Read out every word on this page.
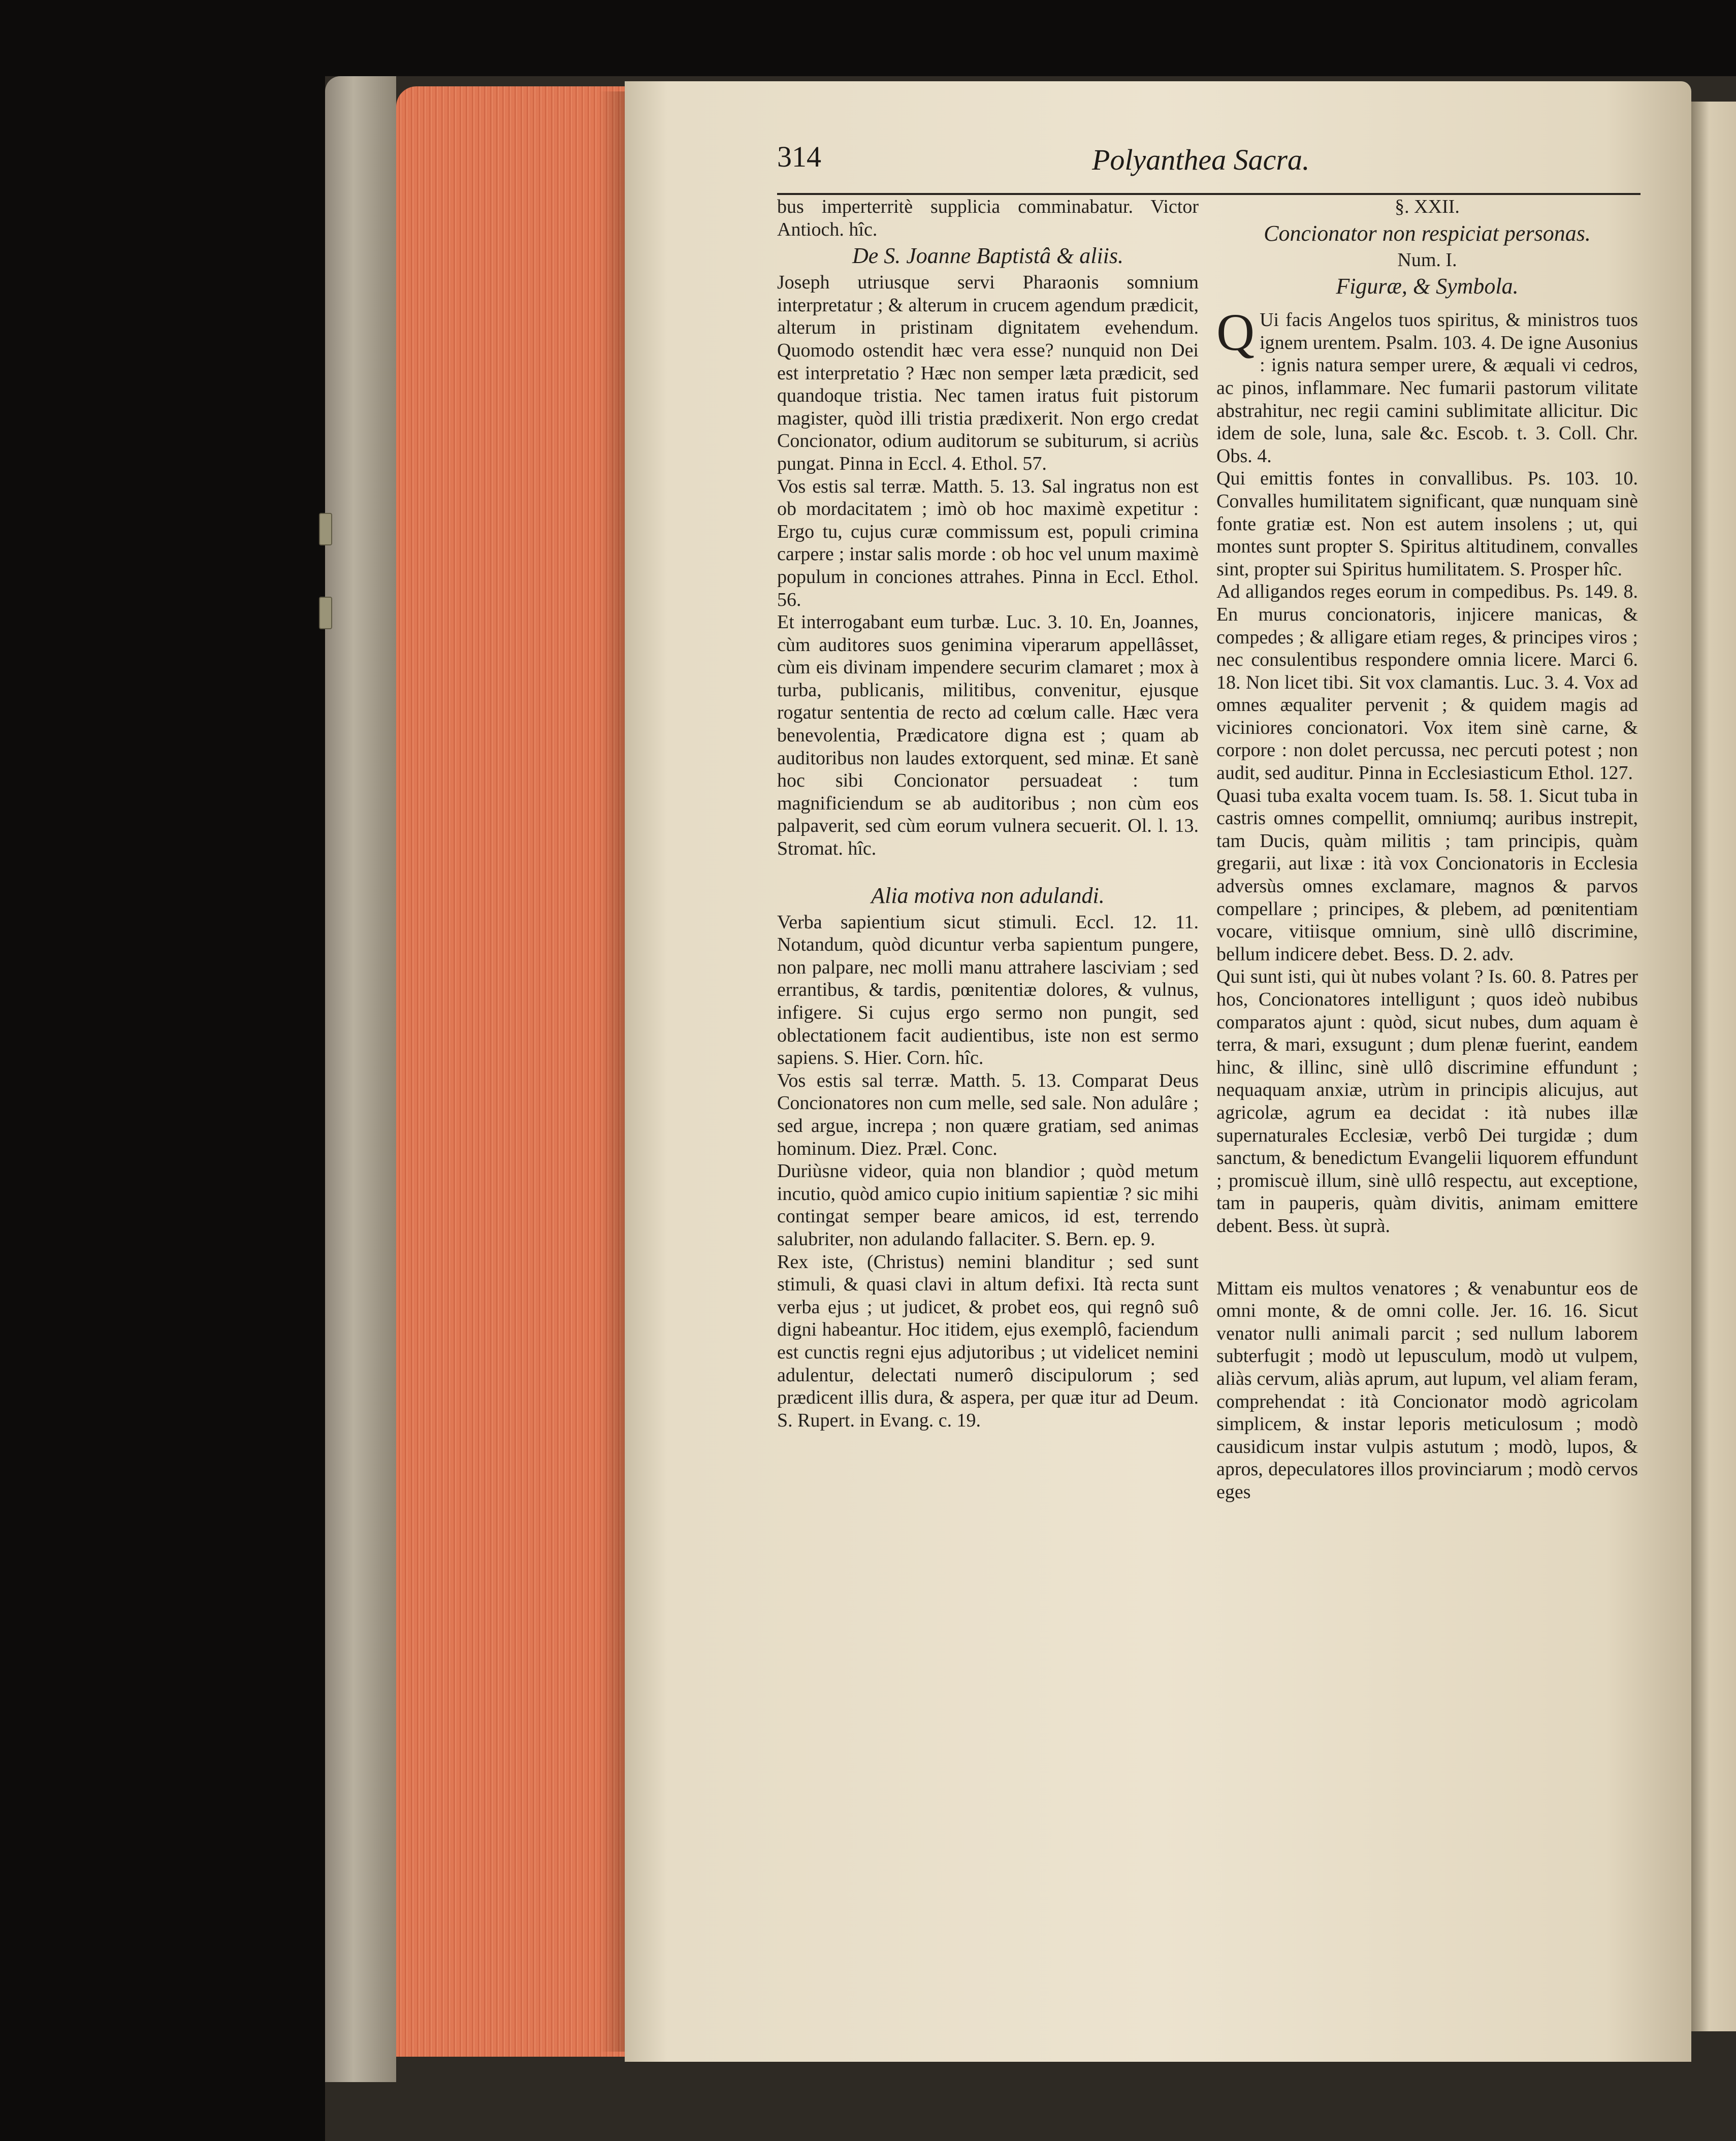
314	Polyanthea Sacra.

bus imperterritè supplicia comminabatur. Victor Antioch. hîc.

De S. Joanne Baptistâ & aliis.

Joseph utriusque servi Pharaonis somnium interpretatur ; & alterum in crucem agendum prædicit, alterum in pristinam dignitatem evehendum. Quomodo ostendit hæc vera esse? nunquid non Dei est interpretatio ? Hæc non semper læta prædicit, sed quandoque tristia. Nec tamen iratus fuit pistorum magister, quòd illi tristia prædixerit. Non ergo credat Concionator, odium auditorum se subiturum, si acriùs pungat. Pinna in Eccl. 4. Ethol. 57.

Vos estis sal terræ. Matth. 5. 13. Sal ingratus non est ob mordacitatem ; imò ob hoc maximè expetitur : Ergo tu, cujus curæ commissum est, populi crimina carpere ; instar salis morde : ob hoc vel unum maximè populum in conciones attrahes. Pinna in Eccl. Ethol. 56.

Et interrogabant eum turbæ. Luc. 3. 10. En, Joannes, cùm auditores suos genimina viperarum appellâsset, cùm eis divinam impendere securim clamaret ; mox à turba, publicanis, militibus, convenitur, ejusque rogatur sententia de recto ad cœlum calle. Hæc vera benevolentia, Prædicatore digna est ; quam ab auditoribus non laudes extorquent, sed minæ. Et sanè hoc sibi Concionator persuadeat : tum magnificiendum se ab auditoribus ; non cùm eos palpaverit, sed cùm eorum vulnera secuerit. Ol. l. 13. Stromat. hîc.

Alia motiva non adulandi.

Verba sapientium sicut stimuli. Eccl. 12. 11. Notandum, quòd dicuntur verba sapientum pungere, non palpare, nec molli manu attrahere lasciviam ; sed errantibus, & tardis, pœnitentiæ dolores, & vulnus, infigere. Si cujus ergo sermo non pungit, sed oblectationem facit audientibus, iste non est sermo sapiens. S. Hier. Corn. hîc.

Vos estis sal terræ. Matth. 5. 13. Comparat Deus Concionatores non cum melle, sed sale. Non adulâre ; sed argue, increpa ; non quære gratiam, sed animas hominum. Diez. Præl. Conc.

Duriùsne videor, quia non blandior ; quòd metum incutio, quòd amico cupio initium sapientiæ ? sic mihi contingat semper beare amicos, id est, terrendo salubriter, non adulando fallaciter. S. Bern. ep. 9.

Rex iste, (Christus) nemini blanditur ; sed sunt stimuli, & quasi clavi in altum defixi. Ità recta sunt verba ejus ; ut judicet, & probet eos, qui regnô suô digni habeantur. Hoc itidem, ejus exemplô, faciendum est cunctis regni ejus adjutoribus ; ut videlicet nemini adulentur, delectati numerô discipulorum ; sed prædicent illis dura, & aspera, per quæ itur ad Deum. S. Rupert. in Evang. c. 19.

§. XXII.

Concionator non respiciat personas.

Num. I.

Figuræ, & Symbola.

Q Ui facis Angelos tuos spiritus, & ministros tuos ignem urentem. Psalm. 103. 4. De igne Ausonius : ignis natura semper urere, & æquali vi cedros, ac pinos, inflammare. Nec fumarii pastorum vilitate abstrahitur, nec regii camini sublimitate allicitur. Dic idem de sole, luna, sale &c. Escob. t. 3. Coll. Chr. Obs. 4.

Qui emittis fontes in convallibus. Ps. 103. 10. Convalles humilitatem significant, quæ nunquam sinè fonte gratiæ est. Non est autem insolens ; ut, qui montes sunt propter S. Spiritus altitudinem, convalles sint, propter sui Spiritus humilitatem. S. Prosper hîc.

Ad alligandos reges eorum in compedibus. Ps. 149. 8. En murus concionatoris, injicere manicas, & compedes ; & alligare etiam reges, & principes viros ; nec consulentibus respondere omnia licere. Marci 6. 18. Non licet tibi. Sit vox clamantis. Luc. 3. 4. Vox ad omnes æqualiter pervenit ; & quidem magis ad viciniores concionatori. Vox item sinè carne, & corpore : non dolet percussa, nec percuti potest ; non audit, sed auditur. Pinna in Ecclesiasticum Ethol. 127.

Quasi tuba exalta vocem tuam. Is. 58. 1. Sicut tuba in castris omnes compellit, omniumq; auribus instrepit, tam Ducis, quàm militis ; tam principis, quàm gregarii, aut lixæ : ità vox Concionatoris in Ecclesia adversùs omnes exclamare, magnos & parvos compellare ; principes, & plebem, ad pœnitentiam vocare, vitiisque omnium, sinè ullô discrimine, bellum indicere debet. Bess. D. 2. adv.

Qui sunt isti, qui ùt nubes volant ? Is. 60. 8. Patres per hos, Concionatores intelligunt ; quos ideò nubibus comparatos ajunt : quòd, sicut nubes, dum aquam è terra, & mari, exsugunt ; dum plenæ fuerint, eandem hinc, & illinc, sinè ullô discrimine effundunt ; nequaquam anxiæ, utrùm in principis alicujus, aut agricolæ, agrum ea decidat : ità nubes illæ supernaturales Ecclesiæ, verbô Dei turgidæ ; dum sanctum, & benedictum Evangelii liquorem effundunt ; promiscuè illum, sinè ullô respectu, aut exceptione, tam in pauperis, quàm divitis, animam emittere debent. Bess. ùt suprà.

Mittam eis multos venatores ; & venabuntur eos de omni monte, & de omni colle. Jer. 16. 16. Sicut venator nulli animali parcit ; sed nullum laborem subterfugit ; modò ut lepusculum, modò ut vulpem, aliàs cervum, aliàs aprum, aut lupum, vel aliam feram, comprehendat : ità Concionator modò agricolam simplicem, & instar leporis meticulosum ; modò causidicum instar vulpis astutum ; modò, lupos, & apros, depeculatores illos provinciarum ; modò cervos eges
